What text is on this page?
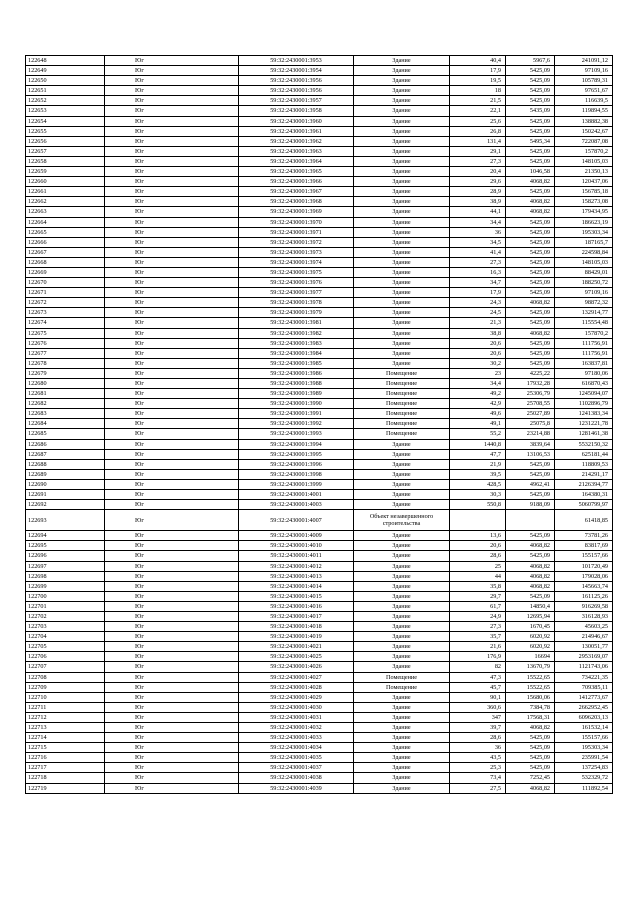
122648	Юг	59:32:2430001:3953	Здание	40,4	5967,6	241091,12
122649	Юг	59:32:2430001:3954	Здание	17,9	5425,09	97109,16
122650	Юг	59:32:2430001:3956	Здание	19,5	5425,09	105789,31
122651	Юг	59:32:2430001:3956	Здание	18	5425,09	97651,67
122652	Юг	59:32:2430001:3957	Здание	21,5	5425,09	116639,5
122653	Юг	59:32:2430001:3958	Здание	22,1	5435,09	119894,55
122654	Юг	59:32:2430001:3960	Здание	25,6	5425,09	138882,38
122655	Юг	59:32:2430001:3961	Здание	26,8	5425,09	150242,67
122656	Юг	59:32:2430001:3962	Здание	131,4	5495,34	722087,08
122657	Юг	59:32:2430001:3963	Здание	29,1	5425,09	157870,2
122658	Юг	59:32:2430001:3964	Здание	27,3	5425,09	148105,03
122659	Юг	59:32:2430001:3965	Здание	20,4	1046,58	21350,13
122660	Юг	59:32:2430001:3966	Здание	29,6	4068,82	120437,06
122661	Юг	59:32:2430001:3967	Здание	28,9	5425,09	156785,18
122662	Юг	59:32:2430001:3968	Здание	38,9	4068,82	158273,08
122663	Юг	59:32:2430001:3969	Здание	44,1	4068,82	179434,95
122664	Юг	59:32:2430001:3970	Здание	34,4	5425,09	186623,19
122665	Юг	59:32:2430001:3971	Здание	36	5425,09	195303,34
122666	Юг	59:32:2430001:3972	Здание	34,5	5425,09	187165,7
122667	Юг	59:32:2430001:3973	Здание	41,4	5425,09	224598,84
122668	Юг	59:32:2430001:3974	Здание	27,3	5425,09	148105,03
122669	Юг	59:32:2430001:3975	Здание	16,3	5425,09	88429,01
122670	Юг	59:32:2430001:3976	Здание	34,7	5425,09	188250,72
122671	Юг	59:32:2430001:3977	Здание	17,9	5425,09	97109,16
122672	Юг	59:32:2430001:3978	Здание	24,3	4068,82	98872,32
122673	Юг	59:32:2430001:3979	Здание	24,5	5425,09	132914,77
122674	Юг	59:32:2430001:3981	Здание	21,3	5425,09	115554,48
122675	Юг	59:32:2430001:3982	Здание	38,8	4068,82	157870,2
122676	Юг	59:32:2430001:3983	Здание	20,6	5425,09	111756,91
122677	Юг	59:32:2430001:3984	Здание	20,6	5425,09	111756,91
122678	Юг	59:32:2430001:3985	Здание	30,2	5425,09	163837,81
122679	Юг	59:32:2430001:3986	Помещение	23	4225,22	97180,06
122680	Юг	59:32:2430001:3988	Помещение	34,4	17932,28	616870,43
122681	Юг	59:32:2430001:3989	Помещение	49,2	25306,79	1245094,07
122682	Юг	59:32:2430001:3990	Помещение	42,9	25708,55	1102896,79
122683	Юг	59:32:2430001:3991	Помещение	49,6	25027,89	1241383,34
122684	Юг	59:32:2430001:3992	Помещение	49,1	25075,8	1231221,78
122685	Юг	59:32:2430001:3993	Помещение	55,2	23214,88	1281461,38
122686	Юг	59:32:2430001:3994	Здание	1440,8	3839,64	5532150,32
122687	Юг	59:32:2430001:3995	Здание	47,7	13106,53	625181,44
122688	Юг	59:32:2430001:3996	Здание	21,9	5425,09	118809,53
122689	Юг	59:32:2430001:3998	Здание	39,5	5425,09	214291,17
122690	Юг	59:32:2430001:3999	Здание	428,5	4962,41	2126394,77
122691	Юг	59:32:2430001:4001	Здание	30,3	5425,09	164380,31
122692	Юг	59:32:2430001:4003	Здание	550,8	9188,09	5060799,97
122693	Юг	59:32:2430001:4007	Объект незавершенного строительства			61418,85
122694	Юг	59:32:2430001:4009	Здание	13,6	5425,09	73781,26
122695	Юг	59:32:2430001:4010	Здание	20,6	4068,82	83817,69
122696	Юг	59:32:2430001:4011	Здание	28,6	5425,09	155157,66
122697	Юг	59:32:2430001:4012	Здание	25	4068,82	101720,49
122698	Юг	59:32:2430001:4013	Здание	44	4068,82	179028,06
122699	Юг	59:32:2430001:4014	Здание	35,8	4068,82	145663,74
122700	Юг	59:32:2430001:4015	Здание	29,7	5425,09	161125,26
122701	Юг	59:32:2430001:4016	Здание	61,7	14850,4	916269,58
122702	Юг	59:32:2430001:4017	Здание	24,9	12695,94	316128,93
122703	Юг	59:32:2430001:4018	Здание	27,3	1670,45	45603,25
122704	Юг	59:32:2430001:4019	Здание	35,7	6020,92	214946,67
122705	Юг	59:32:2430001:4021	Здание	21,6	6020,92	130051,77
122706	Юг	59:32:2430001:4025	Здание	176,9	16694	2953169,07
122707	Юг	59:32:2430001:4026	Здание	82	13670,79	1121743,06
122708	Юг	59:32:2430001:4027	Помещение	47,3	15522,65	734221,35
122709	Юг	59:32:2430001:4028	Помещение	45,7	15522,65	709385,11
122710	Юг	59:32:2430001:4029	Здание	90,1	15680,06	1412773,67
122711	Юг	59:32:2430001:4030	Здание	360,6	7384,78	2662952,45
122712	Юг	59:32:2430001:4031	Здание	347	17568,31	6096203,13
122713	Юг	59:32:2430001:4032	Здание	39,7	4068,82	161532,14
122714	Юг	59:32:2430001:4033	Здание	28,6	5425,09	155157,66
122715	Юг	59:32:2430001:4034	Здание	36	5425,09	195303,34
122716	Юг	59:32:2430001:4035	Здание	43,5	5425,09	235991,54
122717	Юг	59:32:2430001:4037	Здание	25,3	5425,09	137254,83
122718	Юг	59:32:2430001:4038	Здание	73,4	7252,45	532329,72
122719	Юг	59:32:2430001:4039	Здание	27,5	4068,82	111892,54
